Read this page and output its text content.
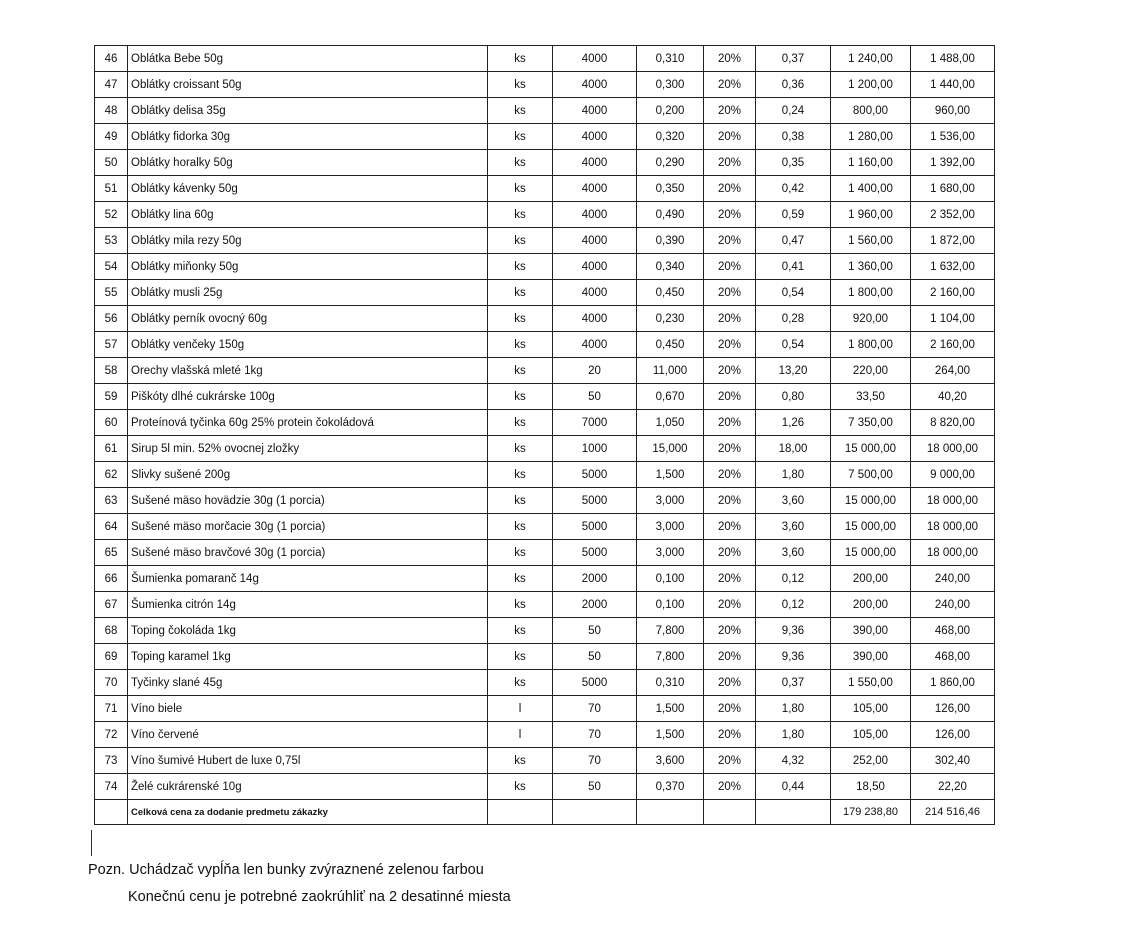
46	Oblátka Bebe 50g	ks	4000	0,310	20%	0,37	1 240,00	1 488,00
47	Oblátky croissant 50g	ks	4000	0,300	20%	0,36	1 200,00	1 440,00
48	Oblátky delisa 35g	ks	4000	0,200	20%	0,24	800,00	960,00
49	Oblátky fidorka 30g	ks	4000	0,320	20%	0,38	1 280,00	1 536,00
50	Oblátky horalky 50g	ks	4000	0,290	20%	0,35	1 160,00	1 392,00
51	Oblátky kávenky 50g	ks	4000	0,350	20%	0,42	1 400,00	1 680,00
52	Oblátky lina 60g	ks	4000	0,490	20%	0,59	1 960,00	2 352,00
53	Oblátky mila rezy 50g	ks	4000	0,390	20%	0,47	1 560,00	1 872,00
54	Oblátky miňonky 50g	ks	4000	0,340	20%	0,41	1 360,00	1 632,00
55	Oblátky musli 25g	ks	4000	0,450	20%	0,54	1 800,00	2 160,00
56	Oblátky perník ovocný 60g	ks	4000	0,230	20%	0,28	920,00	1 104,00
57	Oblátky venčeky 150g	ks	4000	0,450	20%	0,54	1 800,00	2 160,00
58	Orechy vlašská mleté 1kg	ks	20	11,000	20%	13,20	220,00	264,00
59	Piškóty dlhé cukrárske 100g	ks	50	0,670	20%	0,80	33,50	40,20
60	Proteínová tyčinka 60g 25% protein čokoládová	ks	7000	1,050	20%	1,26	7 350,00	8 820,00
61	Sirup 5l min. 52% ovocnej zložky	ks	1000	15,000	20%	18,00	15 000,00	18 000,00
62	Slivky sušené 200g	ks	5000	1,500	20%	1,80	7 500,00	9 000,00
63	Sušené mäso hovädzie 30g (1 porcia)	ks	5000	3,000	20%	3,60	15 000,00	18 000,00
64	Sušené mäso morčacie 30g (1 porcia)	ks	5000	3,000	20%	3,60	15 000,00	18 000,00
65	Sušené mäso bravčové 30g (1 porcia)	ks	5000	3,000	20%	3,60	15 000,00	18 000,00
66	Šumienka pomaranč 14g	ks	2000	0,100	20%	0,12	200,00	240,00
67	Šumienka citrón 14g	ks	2000	0,100	20%	0,12	200,00	240,00
68	Toping čokoláda 1kg	ks	50	7,800	20%	9,36	390,00	468,00
69	Toping karamel 1kg	ks	50	7,800	20%	9,36	390,00	468,00
70	Tyčinky slané 45g	ks	5000	0,310	20%	0,37	1 550,00	1 860,00
71	Víno biele	l	70	1,500	20%	1,80	105,00	126,00
72	Víno červené	l	70	1,500	20%	1,80	105,00	126,00
73	Víno šumivé Hubert de luxe 0,75l	ks	70	3,600	20%	4,32	252,00	302,40
74	Želé cukrárenské 10g	ks	50	0,370	20%	0,44	18,50	22,20
	Celková cena za dodanie predmetu zákazky						179 238,80	214 516,46
Pozn. Uchádzač vypĺňa len bunky zvýraznené zelenou farbou
Konečnú cenu je potrebné zaokrúhliť na 2 desatinné miesta
